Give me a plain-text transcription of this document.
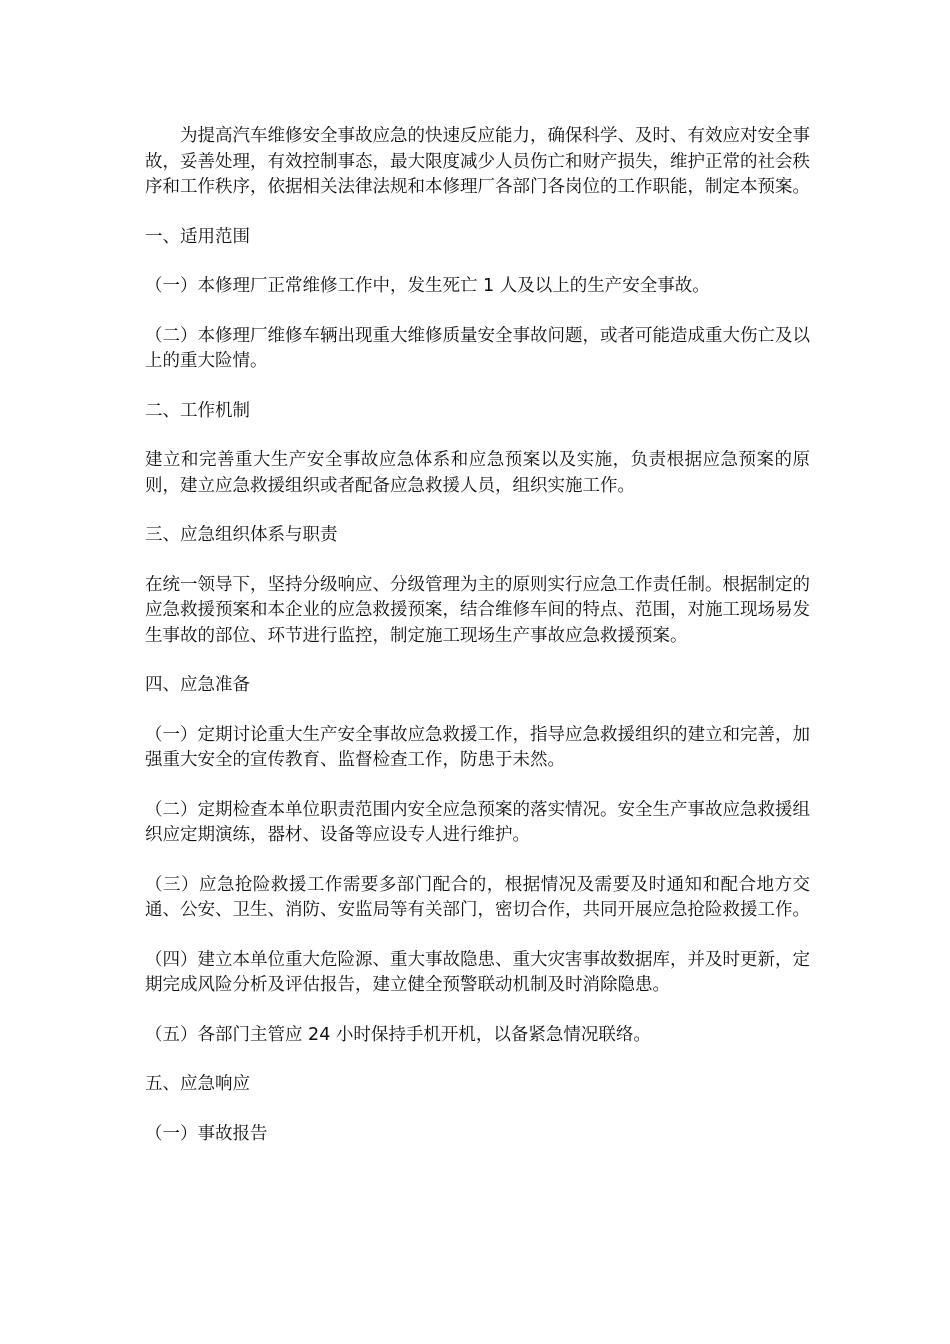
为提高汽车维修安全事故应急的快速反应能力，确保科学、及时、有效应对安全事故，妥善处理，有效控制事态，最大限度减少人员伤亡和财产损失，维护正常的社会秩序和工作秩序，依据相关法律法规和本修理厂各部门各岗位的工作职能，制定本预案。

一、适用范围

（一）本修理厂正常维修工作中，发生死亡 1 人及以上的生产安全事故。

（二）本修理厂维修车辆出现重大维修质量安全事故问题，或者可能造成重大伤亡及以上的重大险情。

二、工作机制

建立和完善重大生产安全事故应急体系和应急预案以及实施，负责根据应急预案的原则，建立应急救援组织或者配备应急救援人员，组织实施工作。

三、应急组织体系与职责

在统一领导下，坚持分级响应、分级管理为主的原则实行应急工作责任制。根据制定的应急救援预案和本企业的应急救援预案，结合维修车间的特点、范围，对施工现场易发生事故的部位、环节进行监控，制定施工现场生产事故应急救援预案。

四、应急准备

（一）定期讨论重大生产安全事故应急救援工作，指导应急救援组织的建立和完善，加强重大安全的宣传教育、监督检查工作，防患于未然。

（二）定期检查本单位职责范围内安全应急预案的落实情况。安全生产事故应急救援组织应定期演练，器材、设备等应设专人进行维护。

（三）应急抢险救援工作需要多部门配合的，根据情况及需要及时通知和配合地方交通、公安、卫生、消防、安监局等有关部门，密切合作，共同开展应急抢险救援工作。

（四）建立本单位重大危险源、重大事故隐患、重大灾害事故数据库，并及时更新，定期完成风险分析及评估报告，建立健全预警联动机制及时消除隐患。

（五）各部门主管应 24 小时保持手机开机，以备紧急情况联络。

五、应急响应

（一）事故报告
